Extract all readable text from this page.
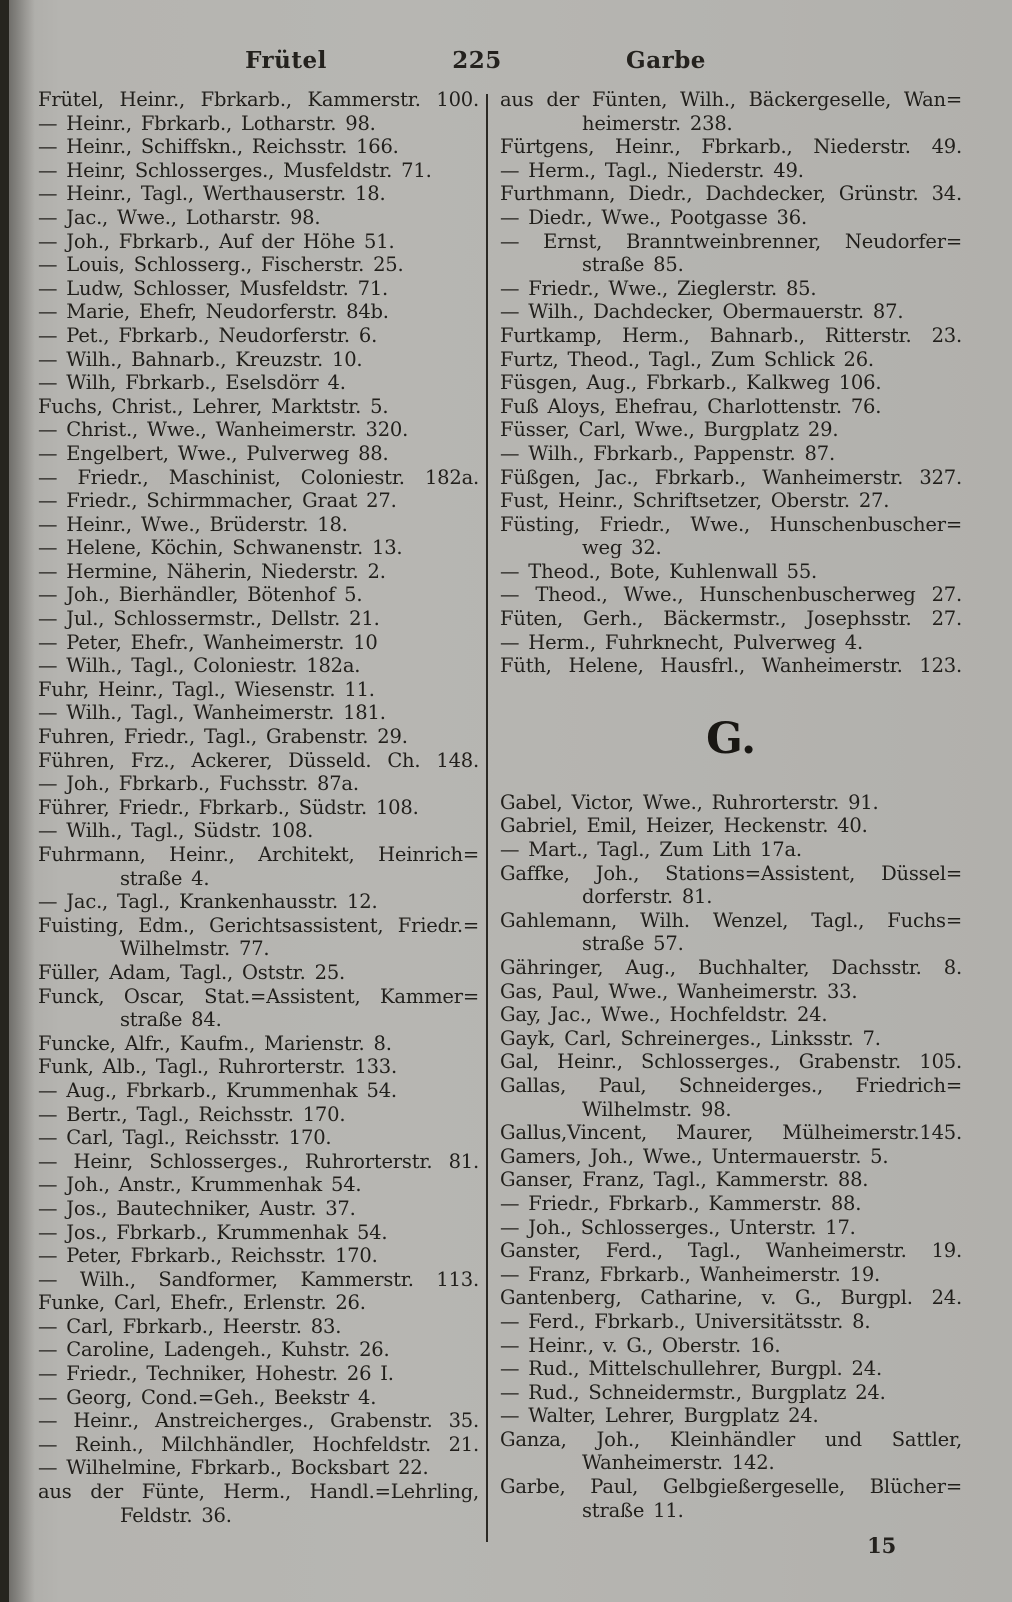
Frütel	225	Garbe
Frütel, Heinr., Fbrkarb., Kammerstr. 100.
— Heinr., Fbrkarb., Lotharstr. 98.
— Heinr., Schiffskn., Reichsstr. 166.
— Heinr, Schlosserges., Musfeldstr. 71.
— Heinr., Tagl., Werthauserstr. 18.
— Jac., Wwe., Lotharstr. 98.
— Joh., Fbrkarb., Auf der Höhe 51.
— Louis, Schlosserg., Fischerstr. 25.
— Ludw, Schlosser, Musfeldstr. 71.
— Marie, Ehefr, Neudorferstr. 84b.
— Pet., Fbrkarb., Neudorferstr. 6.
— Wilh., Bahnarb., Kreuzstr. 10.
— Wilh, Fbrkarb., Eselsdörr 4.
Fuchs, Christ., Lehrer, Marktstr. 5.
— Christ., Wwe., Wanheimerstr. 320.
— Engelbert, Wwe., Pulverweg 88.
— Friedr., Maschinist, Coloniestr. 182a.
— Friedr., Schirmmacher, Graat 27.
— Heinr., Wwe., Brüderstr. 18.
— Helene, Köchin, Schwanenstr. 13.
— Hermine, Näherin, Niederstr. 2.
— Joh., Bierhändler, Bötenhof 5.
— Jul., Schlossermstr., Dellstr. 21.
— Peter, Ehefr., Wanheimerstr. 10
— Wilh., Tagl., Coloniestr. 182a.
Fuhr, Heinr., Tagl., Wiesenstr. 11.
— Wilh., Tagl., Wanheimerstr. 181.
Fuhren, Friedr., Tagl., Grabenstr. 29.
Führen, Frz., Ackerer, Düsseld. Ch. 148.
— Joh., Fbrkarb., Fuchsstr. 87a.
Führer, Friedr., Fbrkarb., Südstr. 108.
— Wilh., Tagl., Südstr. 108.
Fuhrmann, Heinr., Architekt, Heinrich=
straße 4.
— Jac., Tagl., Krankenhausstr. 12.
Fuisting, Edm., Gerichtsassistent, Friedr.=
Wilhelmstr. 77.
Füller, Adam, Tagl., Oststr. 25.
Funck, Oscar, Stat.=Assistent, Kammer=
straße 84.
Funcke, Alfr., Kaufm., Marienstr. 8.
Funk, Alb., Tagl., Ruhrorterstr. 133.
— Aug., Fbrkarb., Krummenhak 54.
— Bertr., Tagl., Reichsstr. 170.
— Carl, Tagl., Reichsstr. 170.
— Heinr, Schlosserges., Ruhrorterstr. 81.
— Joh., Anstr., Krummenhak 54.
— Jos., Bautechniker, Austr. 37.
— Jos., Fbrkarb., Krummenhak 54.
— Peter, Fbrkarb., Reichsstr. 170.
— Wilh., Sandformer, Kammerstr. 113.
Funke, Carl, Ehefr., Erlenstr. 26.
— Carl, Fbrkarb., Heerstr. 83.
— Caroline, Ladengeh., Kuhstr. 26.
— Friedr., Techniker, Hohestr. 26 I.
— Georg, Cond.=Geh., Beekstr 4.
— Heinr., Anstreicherges., Grabenstr. 35.
— Reinh., Milchhändler, Hochfeldstr. 21.
— Wilhelmine, Fbrkarb., Bocksbart 22.
aus der Fünte, Herm., Handl.=Lehrling,
Feldstr. 36.
aus der Fünten, Wilh., Bäckergeselle, Wan=
heimerstr. 238.
Fürtgens, Heinr., Fbrkarb., Niederstr. 49.
— Herm., Tagl., Niederstr. 49.
Furthmann, Diedr., Dachdecker, Grünstr. 34.
— Diedr., Wwe., Pootgasse 36.
— Ernst, Branntweinbrenner, Neudorfer=
straße 85.
— Friedr., Wwe., Zieglerstr. 85.
— Wilh., Dachdecker, Obermauerstr. 87.
Furtkamp, Herm., Bahnarb., Ritterstr. 23.
Furtz, Theod., Tagl., Zum Schlick 26.
Füsgen, Aug., Fbrkarb., Kalkweg 106.
Fuß Aloys, Ehefrau, Charlottenstr. 76.
Füsser, Carl, Wwe., Burgplatz 29.
— Wilh., Fbrkarb., Pappenstr. 87.
Füßgen, Jac., Fbrkarb., Wanheimerstr. 327.
Fust, Heinr., Schriftsetzer, Oberstr. 27.
Füsting, Friedr., Wwe., Hunschenbuscher=
weg 32.
— Theod., Bote, Kuhlenwall 55.
— Theod., Wwe., Hunschenbuscherweg 27.
Füten, Gerh., Bäckermstr., Josephsstr. 27.
— Herm., Fuhrknecht, Pulverweg 4.
Füth, Helene, Hausfrl., Wanheimerstr. 123.
G.
Gabel, Victor, Wwe., Ruhrorterstr. 91.
Gabriel, Emil, Heizer, Heckenstr. 40.
— Mart., Tagl., Zum Lith 17a.
Gaffke, Joh., Stations=Assistent, Düssel=
dorferstr. 81.
Gahlemann, Wilh. Wenzel, Tagl., Fuchs=
straße 57.
Gähringer, Aug., Buchhalter, Dachsstr. 8.
Gas, Paul, Wwe., Wanheimerstr. 33.
Gay, Jac., Wwe., Hochfeldstr. 24.
Gayk, Carl, Schreinerges., Linksstr. 7.
Gal, Heinr., Schlosserges., Grabenstr. 105.
Gallas, Paul, Schneiderges., Friedrich=
Wilhelmstr. 98.
Gallus,Vincent, Maurer, Mülheimerstr.145.
Gamers, Joh., Wwe., Untermauerstr. 5.
Ganser, Franz, Tagl., Kammerstr. 88.
— Friedr., Fbrkarb., Kammerstr. 88.
— Joh., Schlosserges., Unterstr. 17.
Ganster, Ferd., Tagl., Wanheimerstr. 19.
— Franz, Fbrkarb., Wanheimerstr. 19.
Gantenberg, Catharine, v. G., Burgpl. 24.
— Ferd., Fbrkarb., Universitätsstr. 8.
— Heinr., v. G., Oberstr. 16.
— Rud., Mittelschullehrer, Burgpl. 24.
— Rud., Schneidermstr., Burgplatz 24.
— Walter, Lehrer, Burgplatz 24.
Ganza, Joh., Kleinhändler und Sattler,
Wanheimerstr. 142.
Garbe, Paul, Gelbgießergeselle, Blücher=
straße 11.
15
